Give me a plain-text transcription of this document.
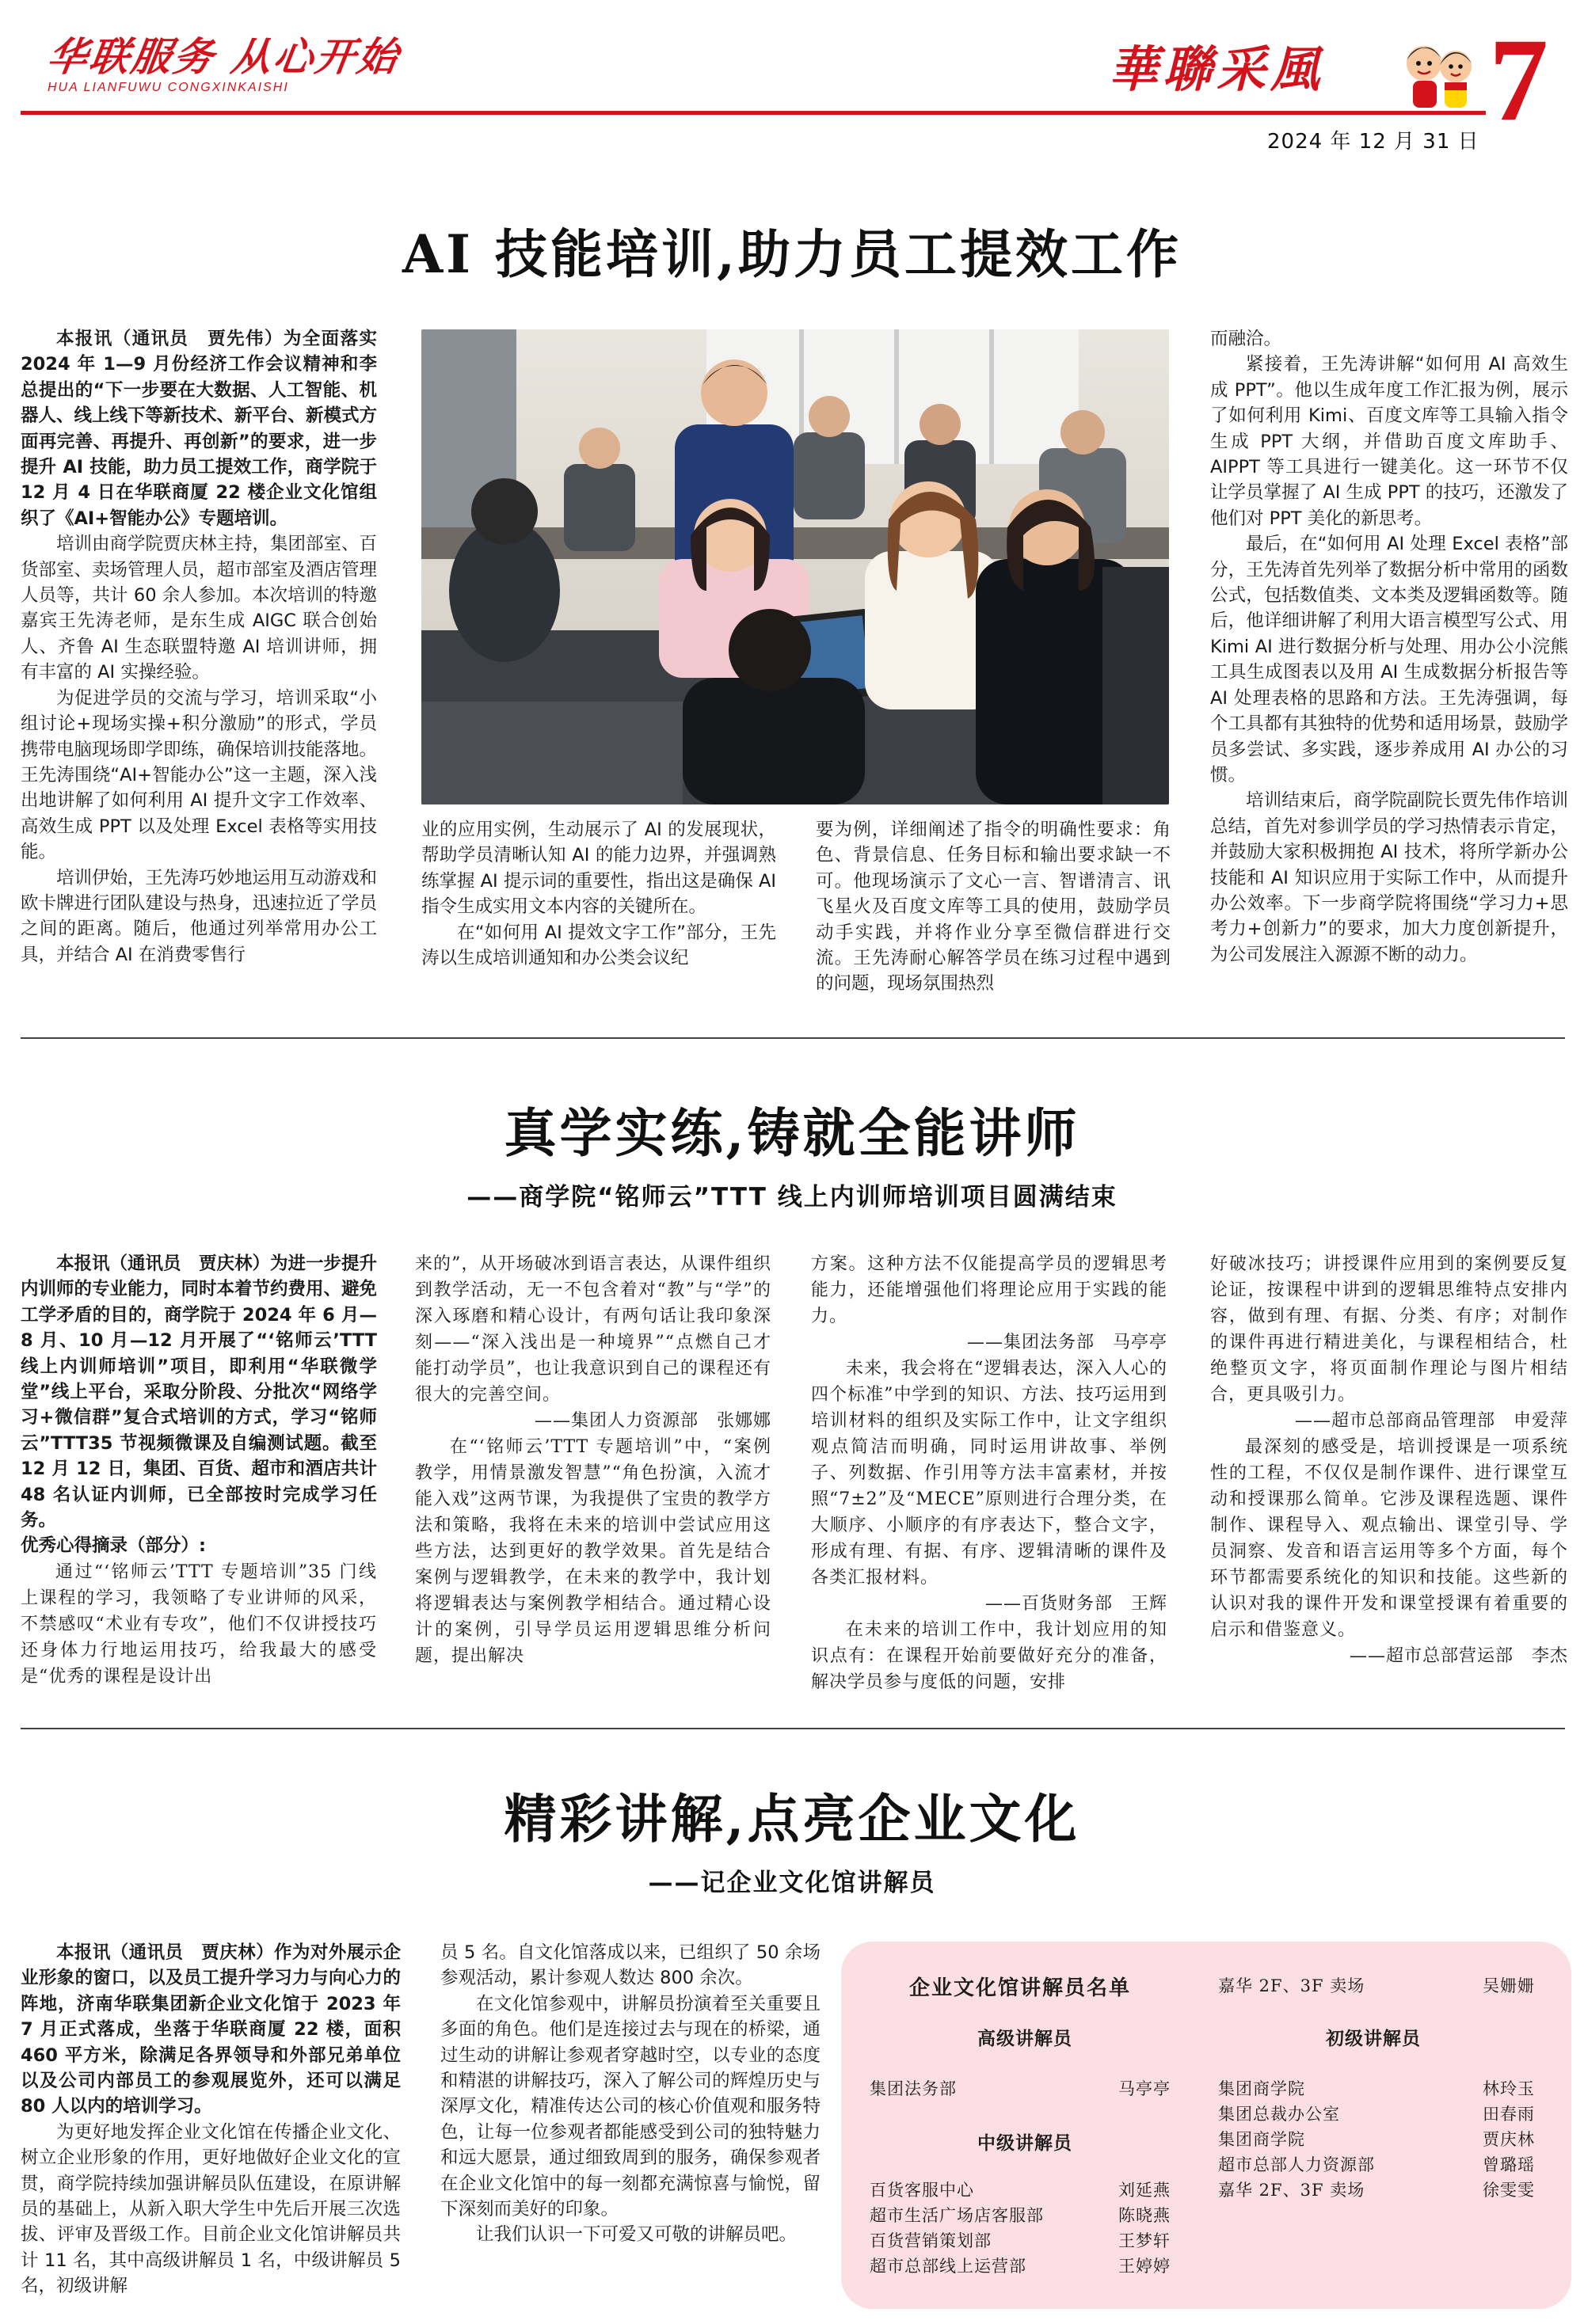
华联服务 从心开始
HUA LIANFUWU CONGXINKAISHI	華聯采風 7
2024 年 12 月 31 日
AI 技能培训,助力员工提效工作

本报讯（通讯员　贾先伟）为全面落实 2024 年 1—9 月份经济工作会议精神和李总提出的“下一步要在大数据、人工智能、机器人、线上线下等新技术、新平台、新模式方面再完善、再提升、再创新”的要求，进一步提升 AI 技能，助力员工提效工作，商学院于 12 月 4 日在华联商厦 22 楼企业文化馆组织了《AI+智能办公》专题培训。

培训由商学院贾庆林主持，集团部室、百货部室、卖场管理人员，超市部室及酒店管理人员等，共计 60 余人参加。本次培训的特邀嘉宾王先涛老师，是东生成 AIGC 联合创始人、齐鲁 AI 生态联盟特邀 AI 培训讲师，拥有丰富的 AI 实操经验。

为促进学员的交流与学习，培训采取“小组讨论+现场实操+积分激励”的形式，学员携带电脑现场即学即练，确保培训技能落地。王先涛围绕“AI+智能办公”这一主题，深入浅出地讲解了如何利用 AI 提升文字工作效率、高效生成 PPT 以及处理 Excel 表格等实用技能。

培训伊始，王先涛巧妙地运用互动游戏和欧卡牌进行团队建设与热身，迅速拉近了学员之间的距离。随后，他通过列举常用办公工具，并结合 AI 在消费零售行

业的应用实例，生动展示了 AI 的发展现状，帮助学员清晰认知 AI 的能力边界，并强调熟练掌握 AI 提示词的重要性，指出这是确保 AI 指令生成实用文本内容的关键所在。

在“如何用 AI 提效文字工作”部分，王先涛以生成培训通知和办公类会议纪

要为例，详细阐述了指令的明确性要求：角色、背景信息、任务目标和输出要求缺一不可。他现场演示了文心一言、智谱清言、讯飞星火及百度文库等工具的使用，鼓励学员动手实践，并将作业分享至微信群进行交流。王先涛耐心解答学员在练习过程中遇到的问题，现场氛围热烈

而融洽。

紧接着，王先涛讲解“如何用 AI 高效生成 PPT”。他以生成年度工作汇报为例，展示了如何利用 Kimi、百度文库等工具输入指令生成 PPT 大纲，并借助百度文库助手、AIPPT 等工具进行一键美化。这一环节不仅让学员掌握了 AI 生成 PPT 的技巧，还激发了他们对 PPT 美化的新思考。

最后，在“如何用 AI 处理 Excel 表格”部分，王先涛首先列举了数据分析中常用的函数公式，包括数值类、文本类及逻辑函数等。随后，他详细讲解了利用大语言模型写公式、用 Kimi AI 进行数据分析与处理、用办公小浣熊工具生成图表以及用 AI 生成数据分析报告等 AI 处理表格的思路和方法。王先涛强调，每个工具都有其独特的优势和适用场景，鼓励学员多尝试、多实践，逐步养成用 AI 办公的习惯。

培训结束后，商学院副院长贾先伟作培训总结，首先对参训学员的学习热情表示肯定，并鼓励大家积极拥抱 AI 技术，将所学新办公技能和 AI 知识应用于实际工作中，从而提升办公效率。下一步商学院将围绕“学习力+思考力+创新力”的要求，加大力度创新提升，为公司发展注入源源不断的动力。

真学实练,铸就全能讲师
——商学院“铭师云”TTT 线上内训师培训项目圆满结束

本报讯（通讯员　贾庆林）为进一步提升内训师的专业能力，同时本着节约费用、避免工学矛盾的目的，商学院于 2024 年 6 月—8 月、10 月—12 月开展了“‘铭师云’TTT 线上内训师培训”项目，即利用“华联微学堂”线上平台，采取分阶段、分批次“网络学习+微信群”复合式培训的方式，学习“铭师云”TTT35 节视频微课及自编测试题。截至 12 月 12 日，集团、百货、超市和酒店共计 48 名认证内训师，已全部按时完成学习任务。

优秀心得摘录（部分）:

通过“‘铭师云’TTT 专题培训”35 门线上课程的学习，我领略了专业讲师的风采，不禁感叹“术业有专攻”，他们不仅讲授技巧还身体力行地运用技巧，给我最大的感受是“优秀的课程是设计出

来的”，从开场破冰到语言表达，从课件组织到教学活动，无一不包含着对“教”与“学”的深入琢磨和精心设计，有两句话让我印象深刻——“深入浅出是一种境界”“点燃自己才能打动学员”，也让我意识到自己的课程还有很大的完善空间。

——集团人力资源部　张娜娜

在“‘铭师云’TTT 专题培训”中，“案例教学，用情景激发智慧”“角色扮演，入流才能入戏”这两节课，为我提供了宝贵的教学方法和策略，我将在未来的培训中尝试应用这些方法，达到更好的教学效果。首先是结合案例与逻辑教学，在未来的教学中，我计划将逻辑表达与案例教学相结合。通过精心设计的案例，引导学员运用逻辑思维分析问题，提出解决

方案。这种方法不仅能提高学员的逻辑思考能力，还能增强他们将理论应用于实践的能力。

——集团法务部　马亭亭

未来，我会将在“逻辑表达，深入人心的四个标准”中学到的知识、方法、技巧运用到培训材料的组织及实际工作中，让文字组织观点简洁而明确，同时运用讲故事、举例子、列数据、作引用等方法丰富素材，并按照“7±2”及“MECE”原则进行合理分类，在大顺序、小顺序的有序表达下，整合文字，形成有理、有据、有序、逻辑清晰的课件及各类汇报材料。

——百货财务部　王辉

在未来的培训工作中，我计划应用的知识点有：在课程开始前要做好充分的准备，解决学员参与度低的问题，安排

好破冰技巧；讲授课件应用到的案例要反复论证，按课程中讲到的逻辑思维特点安排内容，做到有理、有据、分类、有序；对制作的课件再进行精进美化，与课程相结合，杜绝整页文字，将页面制作理论与图片相结合，更具吸引力。

——超市总部商品管理部　申爱萍

最深刻的感受是，培训授课是一项系统性的工程，不仅仅是制作课件、进行课堂互动和授课那么简单。它涉及课程选题、课件制作、课程导入、观点输出、课堂引导、学员洞察、发音和语言运用等多个方面，每个环节都需要系统化的知识和技能。这些新的认识对我的课件开发和课堂授课有着重要的启示和借鉴意义。

——超市总部营运部　李杰

精彩讲解,点亮企业文化
——记企业文化馆讲解员

本报讯（通讯员　贾庆林）作为对外展示企业形象的窗口，以及员工提升学习力与向心力的阵地，济南华联集团新企业文化馆于 2023 年 7 月正式落成，坐落于华联商厦 22 楼，面积 460 平方米，除满足各界领导和外部兄弟单位以及公司内部员工的参观展览外，还可以满足 80 人以内的培训学习。

为更好地发挥企业文化馆在传播企业文化、树立企业形象的作用，更好地做好企业文化的宣贯，商学院持续加强讲解员队伍建设，在原讲解员的基础上，从新入职大学生中先后开展三次选拔、评审及晋级工作。目前企业文化馆讲解员共计 11 名，其中高级讲解员 1 名，中级讲解员 5 名，初级讲解

员 5 名。自文化馆落成以来，已组织了 50 余场参观活动，累计参观人数达 800 余次。

在文化馆参观中，讲解员扮演着至关重要且多面的角色。他们是连接过去与现在的桥梁，通过生动的讲解让参观者穿越时空，以专业的态度和精湛的讲解技巧，深入了解公司的辉煌历史与深厚文化，精准传达公司的核心价值观和服务特色，让每一位参观者都能感受到公司的独特魅力和远大愿景，通过细致周到的服务，确保参观者在企业文化馆中的每一刻都充满惊喜与愉悦，留下深刻而美好的印象。

让我们认识一下可爱又可敬的讲解员吧。

企业文化馆讲解员名单
高级讲解员
集团法务部	马亭亭
中级讲解员
百货客服中心	刘延燕
超市生活广场店客服部	陈晓燕
百货营销策划部	王梦轩
超市总部线上运营部	王婷婷
嘉华 2F、3F 卖场	吴姗姗
初级讲解员
集团商学院	林玲玉
集团总裁办公室	田春雨
集团商学院	贾庆林
超市总部人力资源部	曾璐瑶
嘉华 2F、3F 卖场	徐雯雯
